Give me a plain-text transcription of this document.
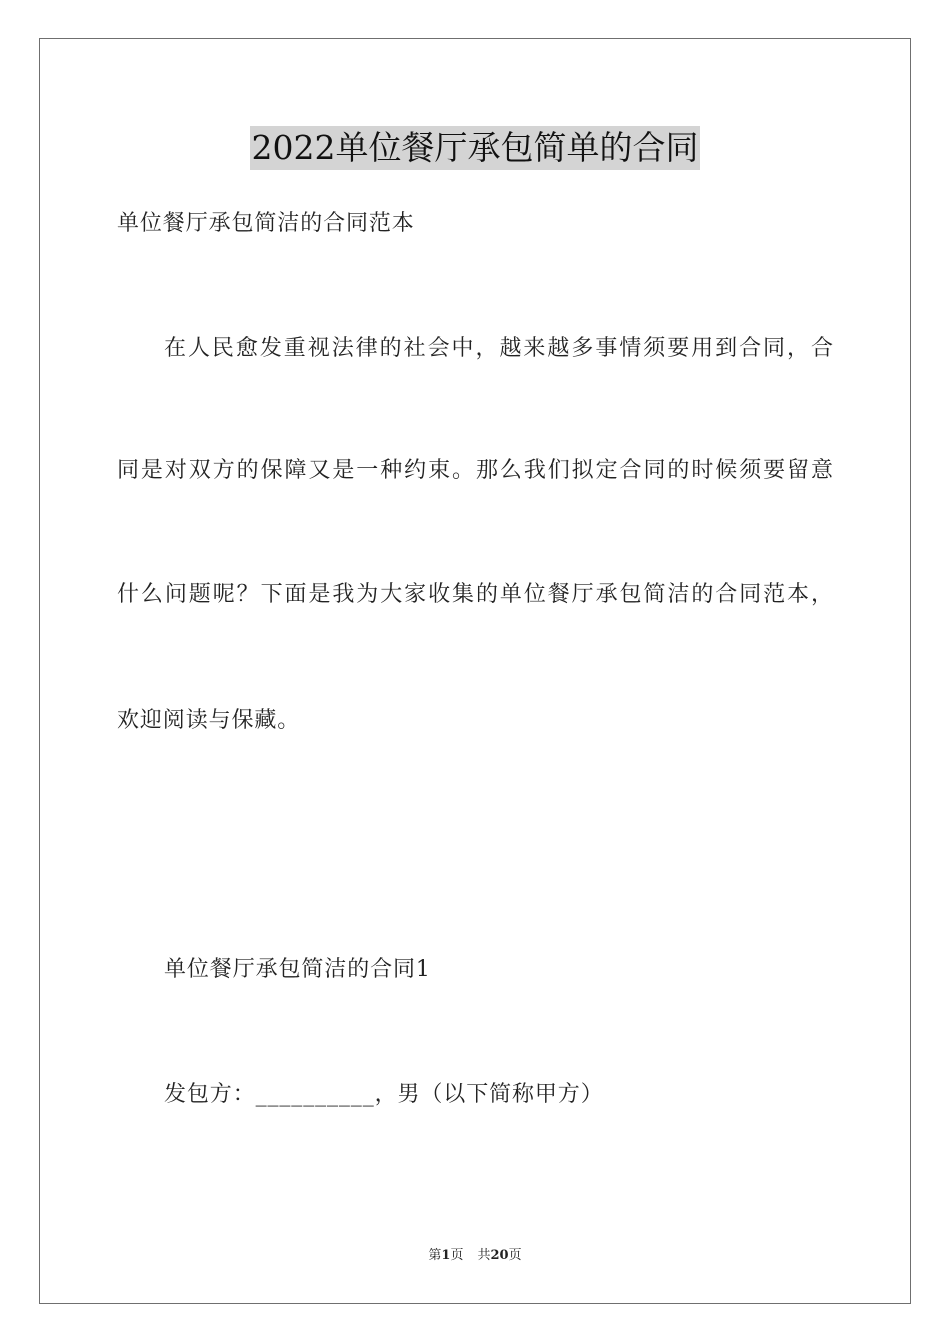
2022单位餐厅承包简单的合同
单位餐厅承包简洁的合同范本
在人民愈发重视法律的社会中，越来越多事情须要用到合同，合
同是对双方的保障又是一种约束。那么我们拟定合同的时候须要留意
什么问题呢？下面是我为大家收集的单位餐厅承包简洁的合同范本，
欢迎阅读与保藏。
单位餐厅承包简洁的合同1
发包方：__________，男（以下简称甲方）
第1页 共20页
